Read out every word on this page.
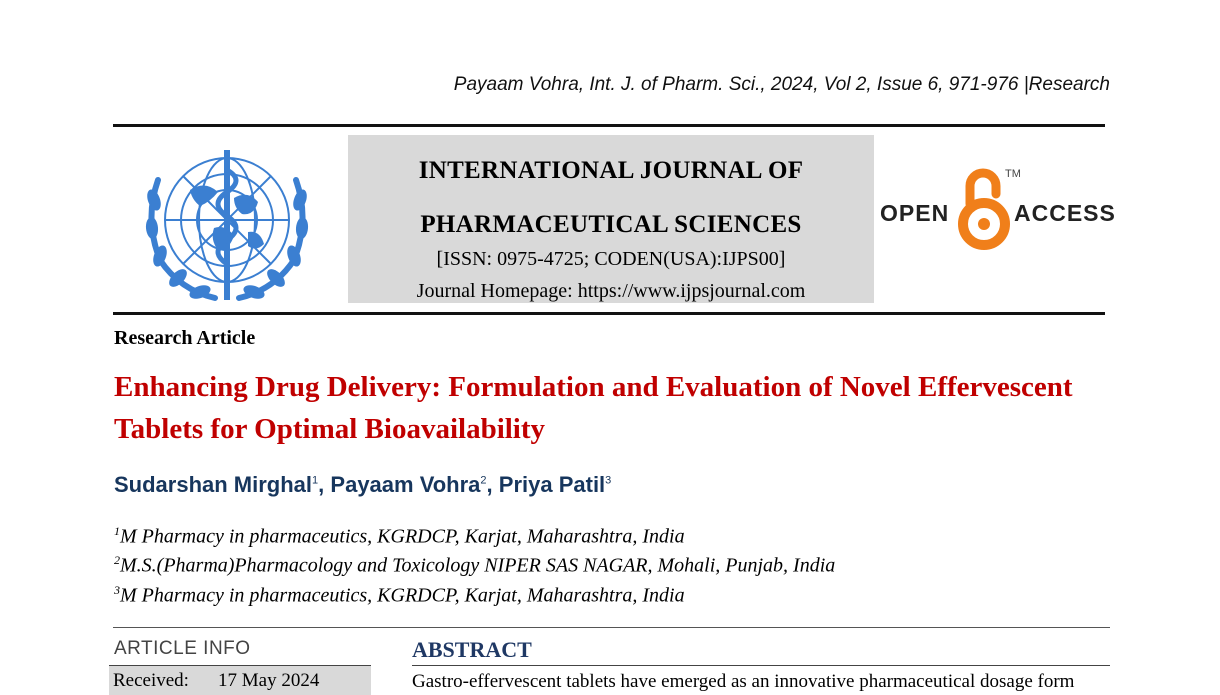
Payaam Vohra, Int. J. of Pharm. Sci., 2024, Vol 2, Issue 6, 971-976 |Research
INTERNATIONAL JOURNAL OF
PHARMACEUTICAL SCIENCES
[ISSN: 0975-4725; CODEN(USA):IJPS00]
Journal Homepage: https://www.ijpsjournal.com
OPEN
TM
ACCESS
Research Article
Enhancing Drug Delivery: Formulation and Evaluation of Novel Effervescent Tablets for Optimal Bioavailability
Sudarshan Mirghal$^1$, Payaam Vohra$^2$, Priya Patil$^3$
$^1$M Pharmacy in pharmaceutics, KGRDCP, Karjat, Maharashtra, India
$^2$M.S.(Pharma)Pharmacology and Toxicology NIPER SAS NAGAR, Mohali, Punjab, India
$^3$M Pharmacy in pharmaceutics, KGRDCP, Karjat, Maharashtra, India
ARTICLE INFO
Received: 17 May 2024
ABSTRACT
Gastro-effervescent tablets have emerged as an innovative pharmaceutical dosage form
